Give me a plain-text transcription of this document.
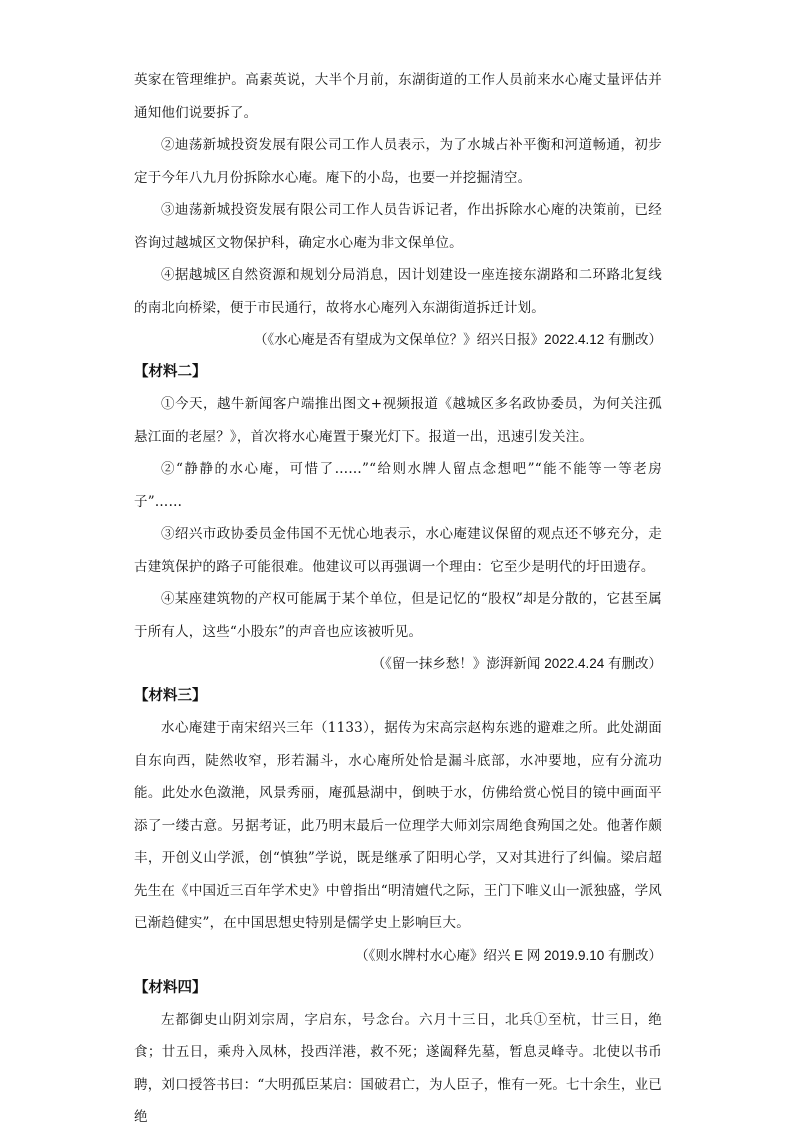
英家在管理维护。高素英说，大半个月前，东湖街道的工作人员前来水心庵丈量评估并通知他们说要拆了。

②迪荡新城投资发展有限公司工作人员表示，为了水城占补平衡和河道畅通，初步定于今年八九月份拆除水心庵。庵下的小岛，也要一并挖掘清空。

③迪荡新城投资发展有限公司工作人员告诉记者，作出拆除水心庵的决策前，已经咨询过越城区文物保护科，确定水心庵为非文保单位。

④据越城区自然资源和规划分局消息，因计划建设一座连接东湖路和二环路北复线的南北向桥梁，便于市民通行，故将水心庵列入东湖街道拆迁计划。

（《水心庵是否有望成为文保单位？》绍兴日报》2022.4.12 有删改）

【材料二】

①今天，越牛新闻客户端推出图文+视频报道《越城区多名政协委员，为何关注孤悬江面的老屋？》，首次将水心庵置于聚光灯下。报道一出，迅速引发关注。

②“静静的水心庵，可惜了……”“给则水牌人留点念想吧”“能不能等一等老房子”……

③绍兴市政协委员金伟国不无忧心地表示，水心庵建议保留的观点还不够充分，走古建筑保护的路子可能很难。他建议可以再强调一个理由：它至少是明代的圩田遗存。

④某座建筑物的产权可能属于某个单位，但是记忆的“股权”却是分散的，它甚至属于所有人，这些“小股东”的声音也应该被听见。

（《留一抹乡愁！》澎湃新闻 2022.4.24 有删改）

【材料三】

水心庵建于南宋绍兴三年（1133），据传为宋高宗赵构东逃的避难之所。此处湖面自东向西，陡然收窄，形若漏斗，水心庵所处恰是漏斗底部，水冲要地，应有分流功能。此处水色潋滟，风景秀丽，庵孤悬湖中，倒映于水，仿佛给赏心悦目的镜中画面平添了一缕古意。另据考证，此乃明末最后一位理学大师刘宗周绝食殉国之处。他著作颇丰，开创义山学派，创“慎独”学说，既是继承了阳明心学，又对其进行了纠偏。梁启超先生在《中国近三百年学术史》中曾指出“明清嬗代之际，王门下唯义山一派独盛，学风已渐趋健实”，在中国思想史特别是儒学史上影响巨大。

（《则水牌村水心庵》绍兴 E 网 2019.9.10 有删改）

【材料四】

左都御史山阴刘宗周，字启东，号念台。六月十三日，北兵①至杭，廿三日，绝食；廿五日，乘舟入凤林，投西洋港，救不死；遂阖释先墓，暂息灵峰寺。北使以书币聘，刘口授答书曰：“大明孤臣某启：国破君亡，为人臣子，惟有一死。七十余生，业已绝
